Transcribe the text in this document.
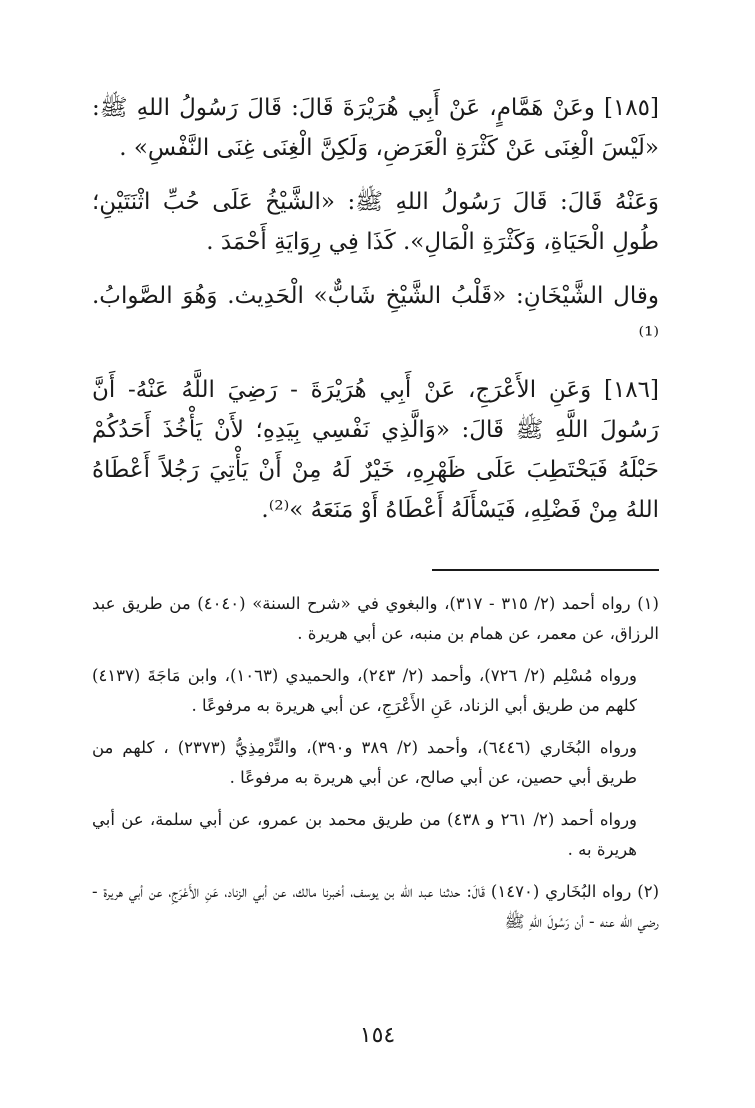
[١٨٥] وعَنْ هَمَّامٍ، عَنْ أَبِي هُرَيْرَةَ قَالَ: قَالَ رَسُولُ اللهِ ﷺ: «لَيْسَ الْغِنَى عَنْ كَثْرَةِ الْعَرَضِ، وَلَكِنَّ الْغِنَى غِنَى النَّفْسِ» .

وَعَنْهُ قَالَ: قَالَ رَسُولُ اللهِ ﷺ: «الشَّيْخُ عَلَى حُبِّ اثْنَتَيْنِ؛ طُولِ الْحَيَاةِ، وَكَثْرَةِ الْمَالِ». كَذَا فِي رِوَايَةِ أَحْمَدَ .

وقال الشَّيْخَانِ: «قَلْبُ الشَّيْخِ شَابٌّ» الْحَدِيث. وَهُوَ الصَّوابُ.⁽¹⁾

[١٨٦] وَعَنِ الأَعْرَجِ، عَنْ أَبِي هُرَيْرَةَ - رَضِيَ اللَّهُ عَنْهُ- أَنَّ رَسُولَ اللَّهِ ﷺ قَالَ: «وَالَّذِي نَفْسِي بِيَدِهِ؛ لأَنْ يَأْخُذَ أَحَدُكُمْ حَبْلَهُ فَيَحْتَطِبَ عَلَى ظَهْرِهِ، خَيْرٌ لَهُ مِنْ أَنْ يَأْتِيَ رَجُلاً أَعْطَاهُ اللهُ مِنْ فَضْلِهِ، فَيَسْأَلَهُ أَعْطَاهُ أَوْ مَنَعَهُ »⁽²⁾.

(١) رواه أحمد (٢/ ٣١٥ - ٣١٧)، والبغوي في «شرح السنة» (٤٠٤٠) من طريق عبد الرزاق، عن معمر، عن همام بن منبه، عن أبي هريرة .

ورواه مُسْلِم (٢/ ٧٢٦)، وأحمد (٢/ ٢٤٣)، والحميدي (١٠٦٣)، وابن مَاجَةَ (٤١٣٧) كلهم من طريق أبي الزناد، عَنِ الأَعْرَجِ، عن أبي هريرة به مرفوعًا .

ورواه البُخَاري (٦٤٤٦)، وأحمد (٢/ ٣٨٩ و٣٩٠)، والتِّرْمِذِيُّ (٢٣٧٣) ، كلهم من طريق أبي حصين، عن أبي صالح، عن أبي هريرة به مرفوعًا .

ورواه أحمد (٢/ ٢٦١ و ٤٣٨) من طريق محمد بن عمرو، عن أبي سلمة، عن أبي هريرة به .

(٢) رواه البُخَاري (١٤٧٠) قَالَ: حدثنا عبد الله بن يوسف، أخبرنا مالك، عن أبي الزناد، عَنِ الأَعْرَجِ، عن أبي هريرة - رضي الله عنه - أن رَسُولَ اللهِ ﷺ

١٥٤
